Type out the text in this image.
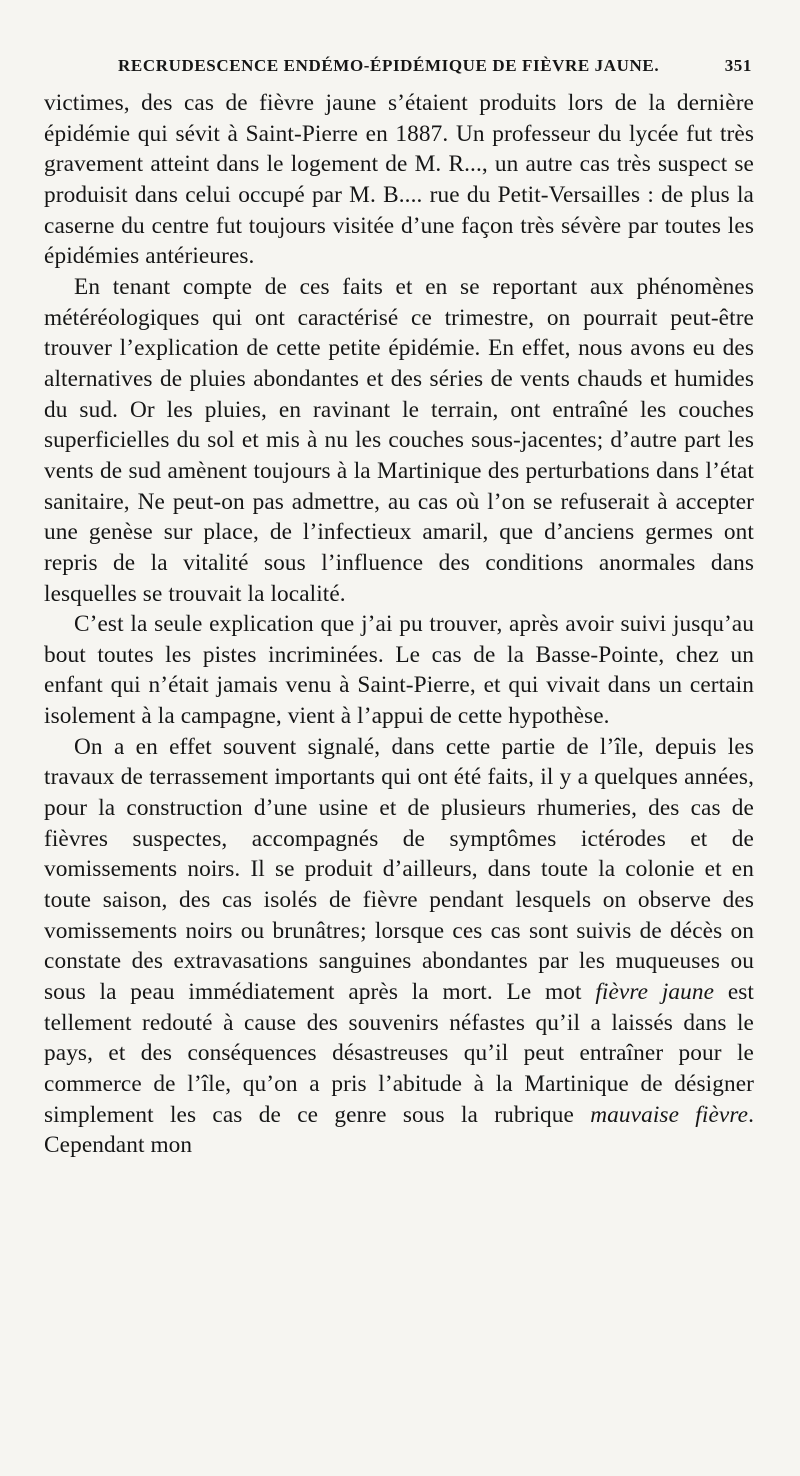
RECRUDESCENCE ENDÉMO-ÉPIDÉMIQUE DE FIÈVRE JAUNE.	351

victimes, des cas de fièvre jaune s’étaient produits lors de la dernière épidémie qui sévit à Saint-Pierre en 1887. Un professeur du lycée fut très gravement atteint dans le logement de M. R..., un autre cas très suspect se produisit dans celui occupé par M. B.... rue du Petit-Versailles : de plus la caserne du centre fut toujours visitée d’une façon très sévère par toutes les épidémies antérieures.

En tenant compte de ces faits et en se reportant aux phénomènes météréologiques qui ont caractérisé ce trimestre, on pourrait peut-être trouver l’explication de cette petite épidémie. En effet, nous avons eu des alternatives de pluies abondantes et des séries de vents chauds et humides du sud. Or les pluies, en ravinant le terrain, ont entraîné les couches superficielles du sol et mis à nu les couches sous-jacentes; d’autre part les vents de sud amènent toujours à la Martinique des perturbations dans l’état sanitaire, Ne peut-on pas admettre, au cas où l’on se refuserait à accepter une genèse sur place, de l’infectieux amaril, que d’anciens germes ont repris de la vitalité sous l’influence des conditions anormales dans lesquelles se trouvait la localité.

C’est la seule explication que j’ai pu trouver, après avoir suivi jusqu’au bout toutes les pistes incriminées. Le cas de la Basse-Pointe, chez un enfant qui n’était jamais venu à Saint-Pierre, et qui vivait dans un certain isolement à la campagne, vient à l’appui de cette hypothèse.

On a en effet souvent signalé, dans cette partie de l’île, depuis les travaux de terrassement importants qui ont été faits, il y a quelques années, pour la construction d’une usine et de plusieurs rhumeries, des cas de fièvres suspectes, accompagnés de symptômes ictérodes et de vomissements noirs. Il se produit d’ailleurs, dans toute la colonie et en toute saison, des cas isolés de fièvre pendant lesquels on observe des vomissements noirs ou brunâtres; lorsque ces cas sont suivis de décès on constate des extravasations sanguines abondantes par les muqueuses ou sous la peau immédiatement après la mort. Le mot fièvre jaune est tellement redouté à cause des souvenirs néfastes qu’il a laissés dans le pays, et des conséquences désastreuses qu’il peut entraîner pour le commerce de l’île, qu’on a pris l’abitude à la Martinique de désigner simplement les cas de ce genre sous la rubrique mauvaise fièvre. Cependant mon
